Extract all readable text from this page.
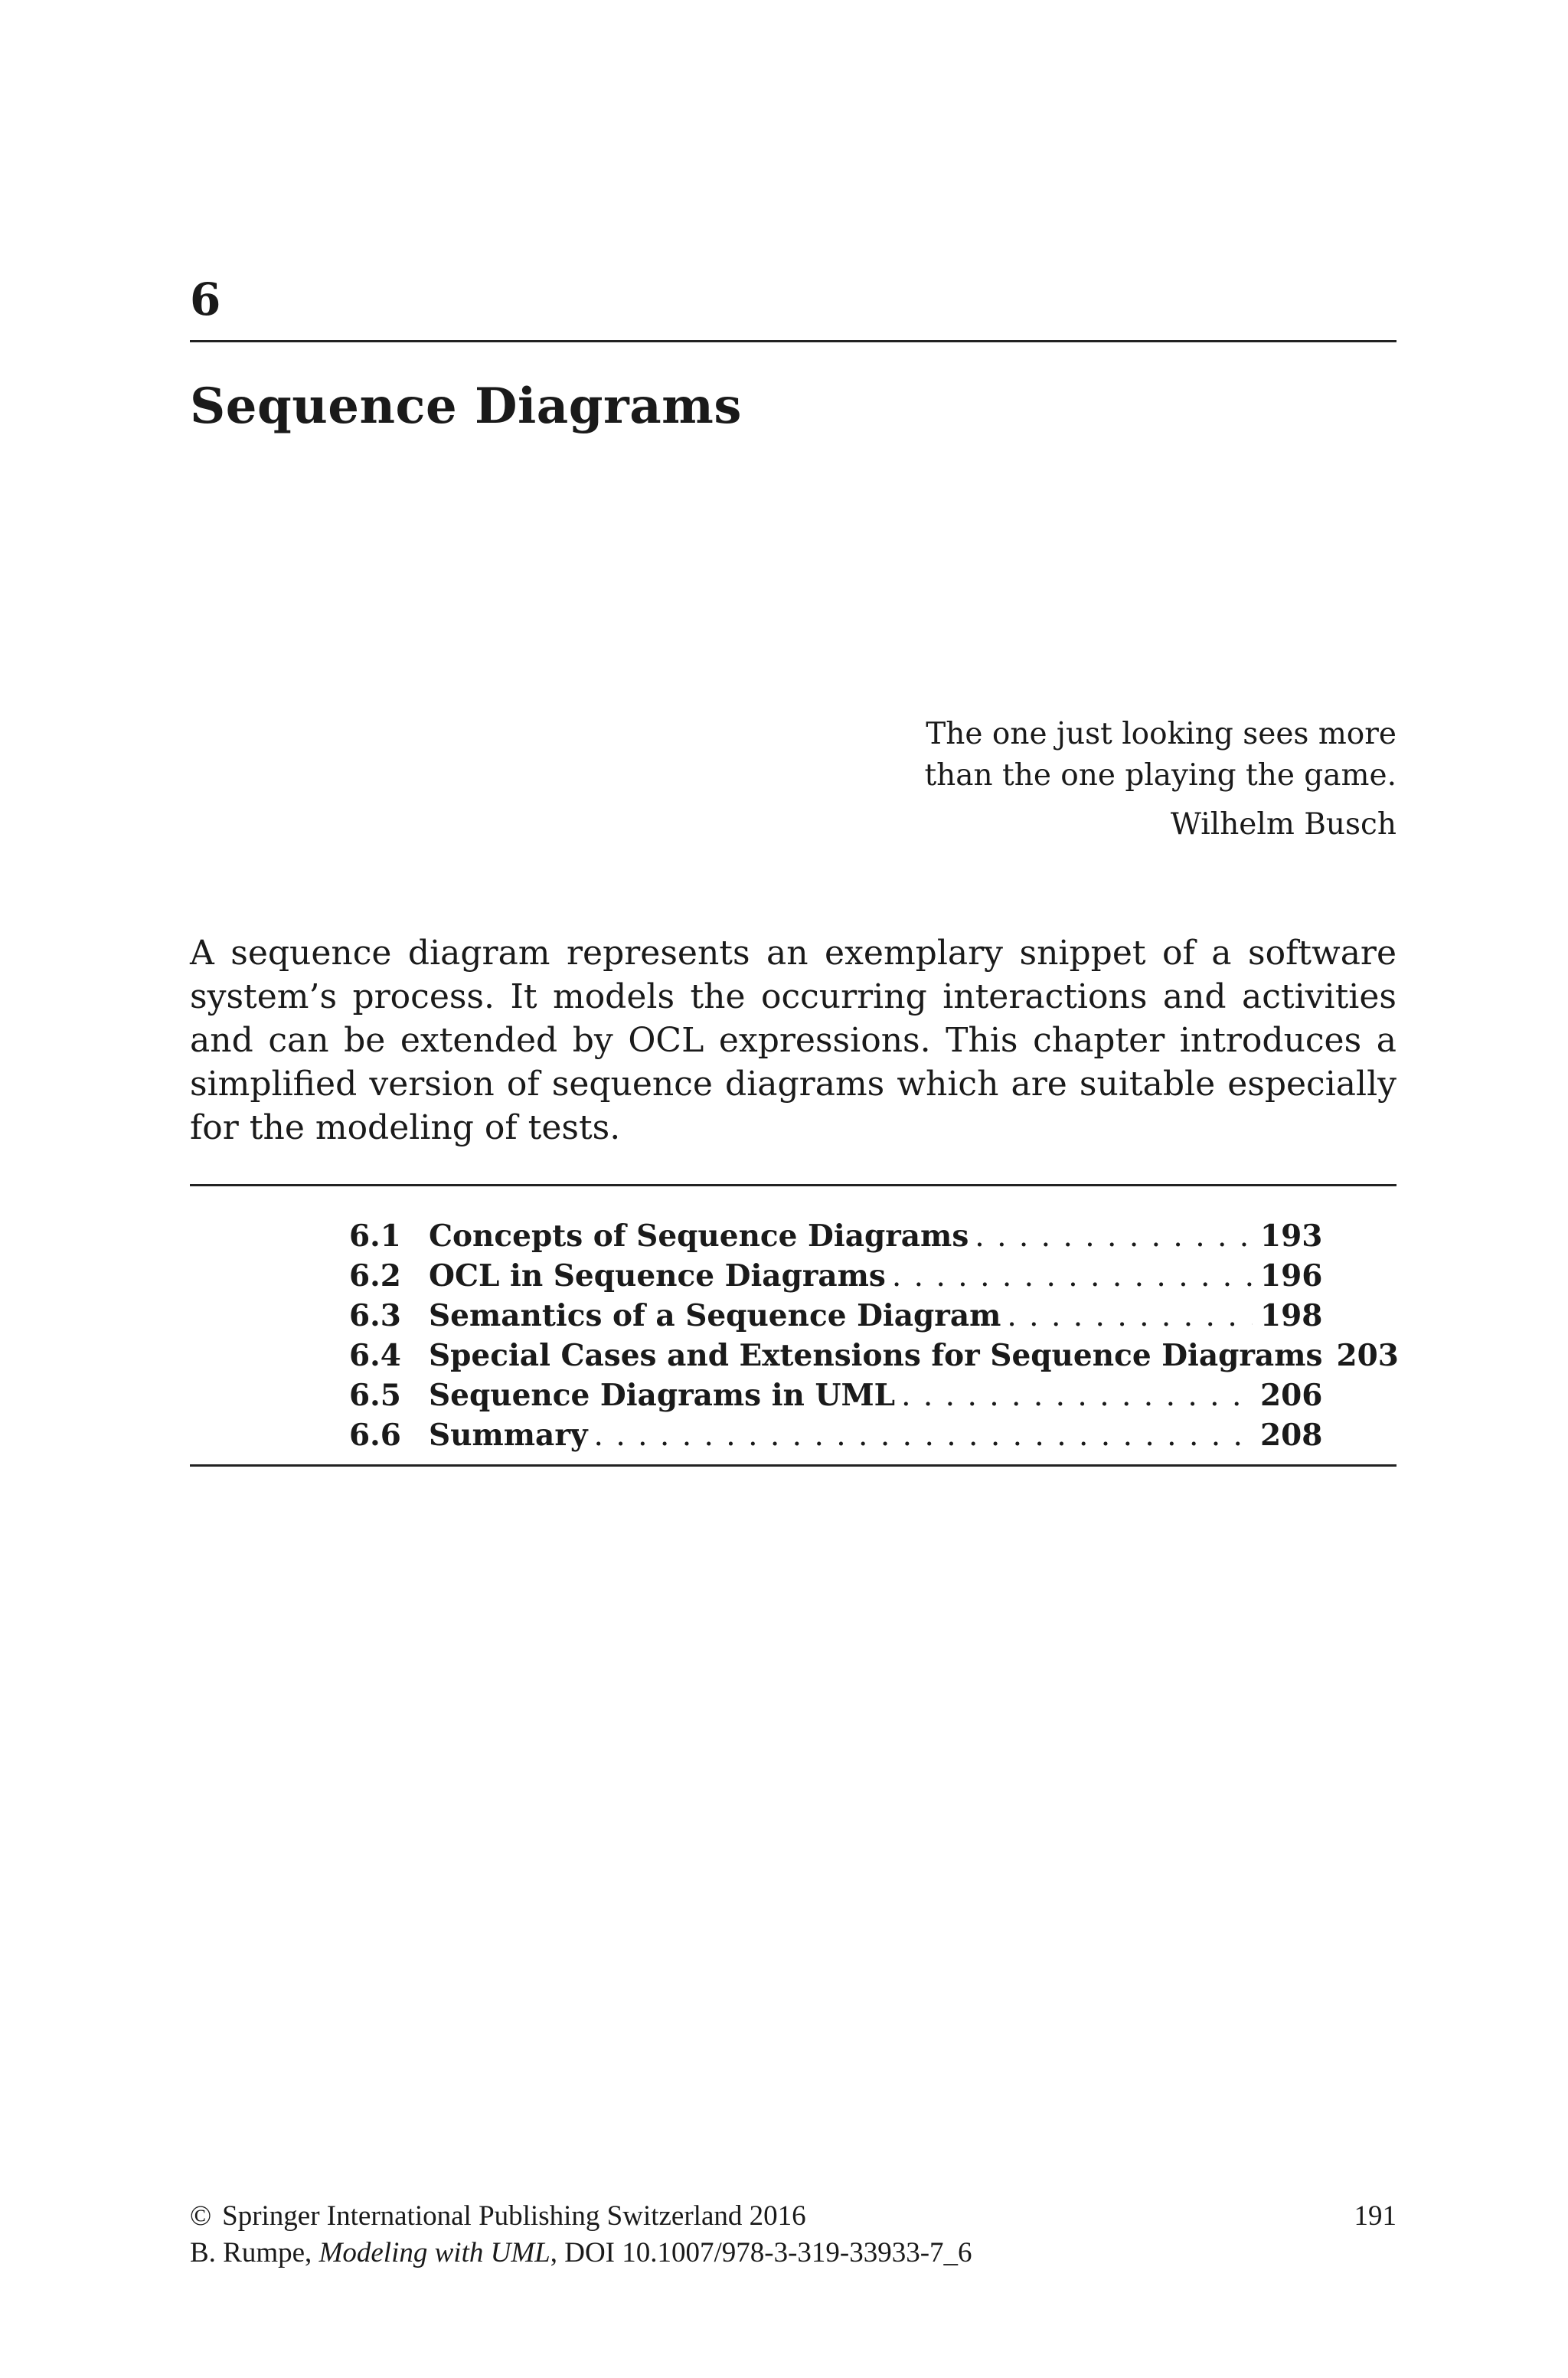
6
Sequence Diagrams
The one just looking sees more
than the one playing the game.
Wilhelm Busch

A sequence diagram represents an exemplary snippet of a software system’s process. It models the occurring interactions and activities and can be extended by OCL expressions. This chapter introduces a simplified version of sequence diagrams which are suitable especially for the modeling of tests.

6.1 Concepts of Sequence Diagrams . . .	193
6.2 OCL in Sequence Diagrams . . .	196
6.3 Semantics of a Sequence Diagram . . .	198
6.4 Special Cases and Extensions for Sequence Diagrams 203
6.5 Sequence Diagrams in UML . . .	206
6.6 Summary . . .	208
© Springer International Publishing Switzerland 2016	191
B. Rumpe, Modeling with UML, DOI 10.1007/978-3-319-33933-7_6
